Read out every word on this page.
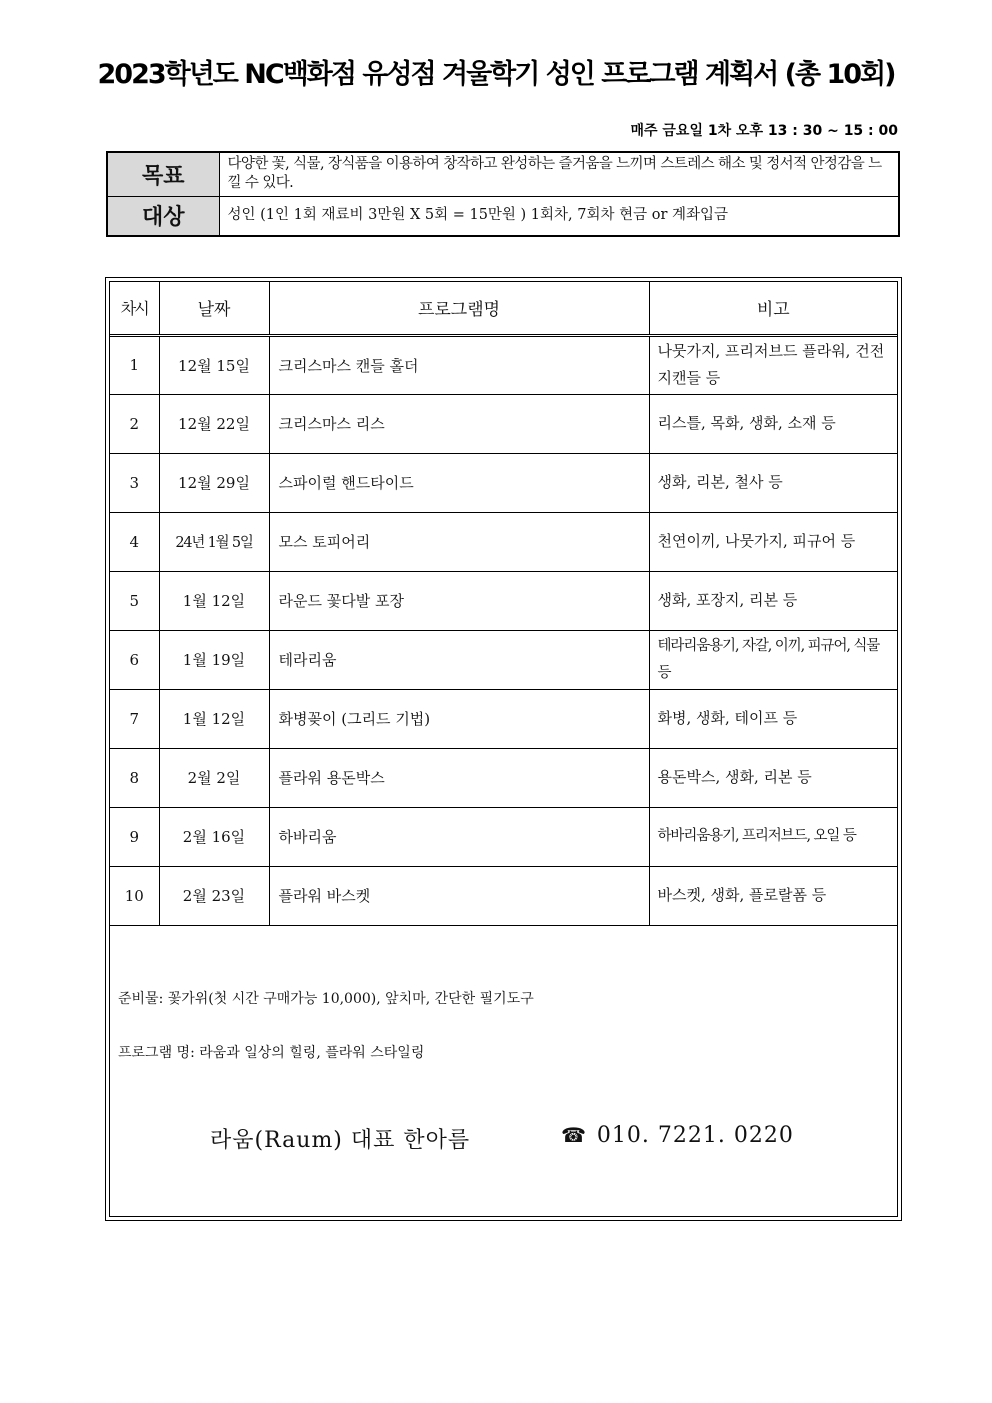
2023학년도 NC백화점 유성점 겨울학기 성인 프로그램 계획서 (총 10회)
매주 금요일 1차 오후 13 : 30 ~ 15 : 00
목표	다양한 꽃, 식물, 장식품을 이용하여 창작하고 완성하는 즐거움을 느끼며 스트레스 해소 및 정서적 안정감을 느낄 수 있다.
대상	성인 (1인 1회 재료비 3만원 X 5회 = 15만원 ) 1회차, 7회차 현금 or 계좌입금
차시	날짜	프로그램명	비고
1	12월 15일	크리스마스 캔들 홀더	나뭇가지, 프리저브드 플라워, 건전지캔들 등
2	12월 22일	크리스마스 리스	리스틀, 목화, 생화, 소재 등
3	12월 29일	스파이럴 핸드타이드	생화, 리본, 철사 등
4	24년 1월 5일	모스 토피어리	천연이끼, 나뭇가지, 피규어 등
5	1월 12일	라운드 꽃다발 포장	생화, 포장지, 리본 등
6	1월 19일	테라리움	테라리움용기, 자갈, 이끼, 피규어, 식물 등
7	1월 12일	화병꽂이 (그리드 기법)	화병, 생화, 테이프 등
8	2월 2일	플라워 용돈박스	용돈박스, 생화, 리본 등
9	2월 16일	하바리움	하바리움용기, 프리저브드, 오일 등
10	2월 23일	플라워 바스켓	바스켓, 생화, 플로랄폼 등
준비물: 꽃가위(첫 시간 구매가능 10,000), 앞치마, 간단한 필기도구
프로그램 명: 라움과 일상의 힐링, 플라워 스타일링
라움(Raum) 대표 한아름	☎ 010. 7221. 0220
